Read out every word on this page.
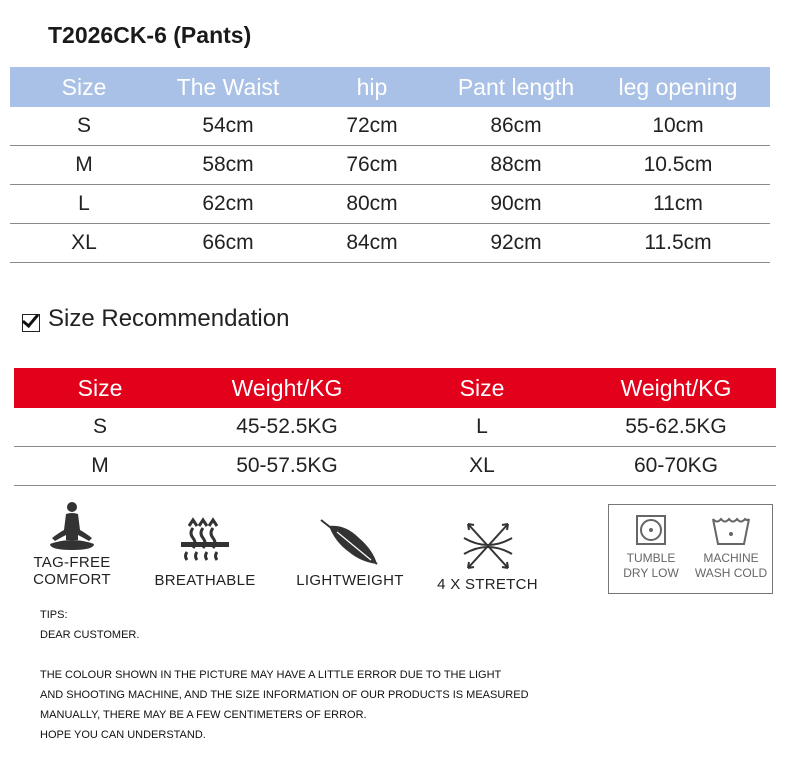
T2026CK-6 (Pants)
Size	The Waist	hip	Pant length	leg opening
S	54cm	72cm	86cm	10cm
M	58cm	76cm	88cm	10.5cm
L	62cm	80cm	90cm	11cm
XL	66cm	84cm	92cm	11.5cm
Size Recommendation
Size	Weight/KG	Size	Weight/KG
S	45-52.5KG	L	55-62.5KG
M	50-57.5KG	XL	60-70KG
TAG-FREE
COMFORT	BREATHABLE	LIGHTWEIGHT	4 X STRETCH
TUMBLE
DRY LOW
MACHINE
WASH COLD
TIPS:
DEAR CUSTOMER.

THE COLOUR SHOWN IN THE PICTURE MAY HAVE A LITTLE ERROR DUE TO THE LIGHT
AND SHOOTING MACHINE, AND THE SIZE INFORMATION OF OUR PRODUCTS IS MEASURED
MANUALLY, THERE MAY BE A FEW CENTIMETERS OF ERROR.
HOPE YOU CAN UNDERSTAND.
